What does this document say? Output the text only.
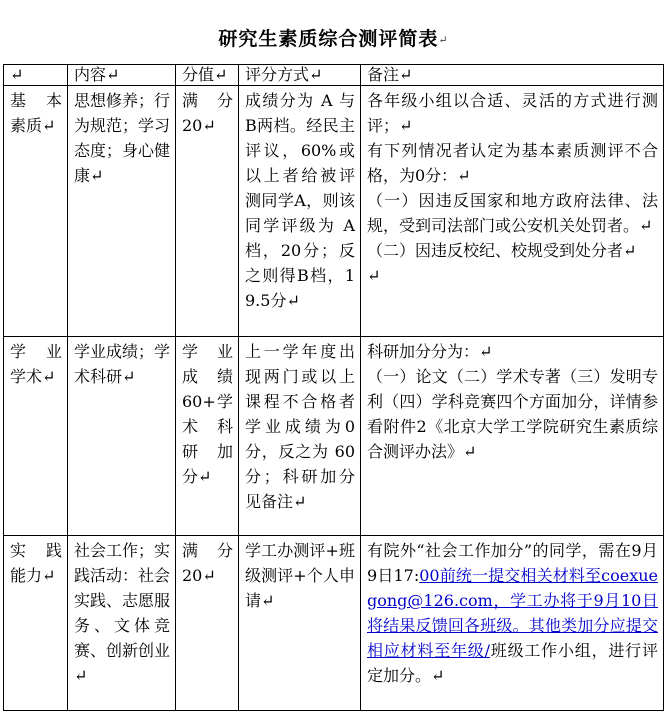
研究生素质综合测评简表↵
↵	内容↵	分值↵	评分方式↵	备注↵
基 本 素质↵	思想修养；行为规范；学习态度；身心健康↵	满 分 20↵	成绩分为 A 与B两档。经民主评议，60%或以上者给被评测同学A，则该同学评级为 A 档，20分；反之则得B档，19.5分↵	各年级小组以合适、灵活的方式进行测评；↵
有下列情况者认定为基本素质测评不合格，为0分：↵
（一）因违反国家和地方政府法律、法规，受到司法部门或公安机关处罚者。↵
（二）因违反校纪、校规受到处分者↵
↵

学 业 学术↵	学业成绩；学术科研↵	学 业 成 绩 60+学 术 科 研 加 分↵	上一学年度出现两门或以上课程不合格者学业成绩为0分，反之为 60 分；科研加分见备注↵	科研加分分为：↵
（一）论文（二）学术专著（三）发明专利（四）学科竞赛四个方面加分，详情参看附件2《北京大学工学院研究生素质综合测评办法》↵

实 践 能力↵	社会工作；实践活动：社会实践、志愿服务、文体竞赛、创新创业↵	满 分 20↵	学工办测评+班级测评+个人申请↵	有院外“社会工作加分”的同学，需在9月9日17:00前统一提交相关材料至coexuegong@126.com，学工办将于9月10日将结果反馈回各班级。其他类加分应提交相应材料至年级/班级工作小组，进行评定加分。↵
